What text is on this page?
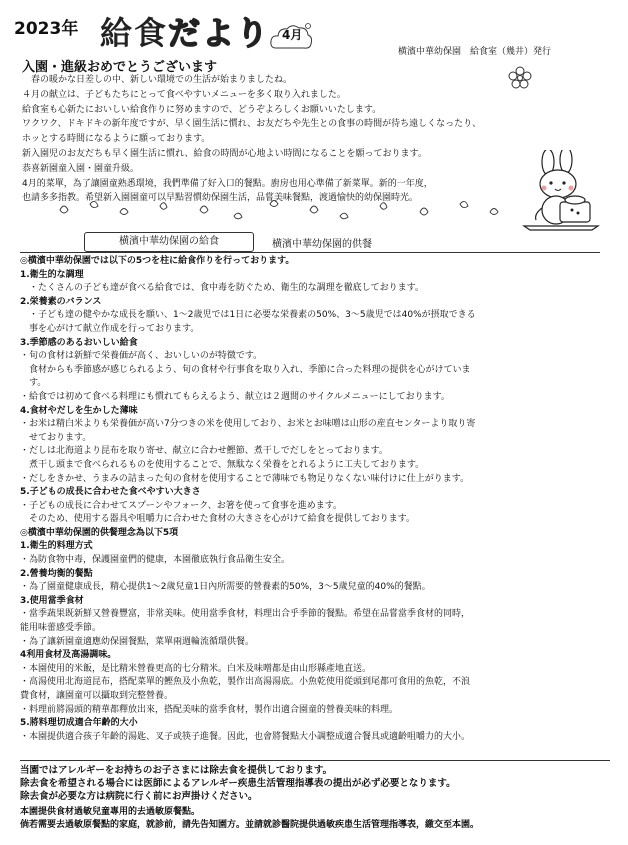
2023年 給食だより 4月
横濱中華幼保園　給食室（幾井）発行
入園・進級おめでとうございます

　春の暖かな日差しの中、新しい環境での生活が始まりましたね。

４月の献立は、子どもたちにとって食べやすいメニューを多く取り入れました。

給食室も心新たにおいしい給食作りに努めますので、どうぞよろしくお願いいたします。

ワクワク、ドキドキの新年度ですが、早く園生活に慣れ、お友だちや先生との食事の時間が待ち遠しくなったり、

ホッとする時間になるように願っております。

新入園児のお友だちも早く園生活に慣れ、給食の時間が心地よい時間になることを願っております。

恭喜新園童入園・園童升級。

4月的菜單，為了讓園童熟悉環境，我們準備了好入口的餐點。廚房也用心準備了新菜單。新的一年度，

也請多多指教。希望新入園園童可以早點習慣幼保園生活，品嘗美味餐點，渡過愉快的幼保園時光。

横濱中華幼保園の給食	横濱中華幼保園的供餐

◎横濱中華幼保園では以下の5つを柱に給食作りを行っております。

1.衛生的な調理

　・たくさんの子ども達が食べる給食では、食中毒を防ぐため、衛生的な調理を徹底しております。

2.栄養素のバランス

　・子ども達の健やかな成長を願い、1～2歳児では1日に必要な栄養素の50%、3～5歳児では40%が摂取できる

　事を心がけて献立作成を行っております。

3.季節感のあるおいしい給食

・旬の食材は新鮮で栄養価が高く、おいしいのが特徴です。

　食材からも季節感が感じられるよう、旬の食材や行事食を取り入れ、季節に合った料理の提供を心がけていま

　す。

・給食では初めて食べる料理にも慣れてもらえるよう、献立は２週間のサイクルメニューにしております。

4.食材やだしを生かした薄味

・お米は精白米よりも栄養価が高い7分つきの米を使用しており、お米とお味噌は山形の産直センターより取り寄

　せております。

・だしは北海道より昆布を取り寄せ、献立に合わせ鰹節、煮干しでだしをとっております。

　煮干し頭まで食べられるものを使用することで、無駄なく栄養をとれるように工夫しております。

・だしをきかせ、うまみの詰まった旬の食材を使用することで薄味でも物足りなくない味付けに仕上がります。

5.子どもの成長に合わせた食べやすい大きさ

・子どもの成長に合わせてスプーンやフォーク、お箸を使って食事を進めます。

　そのため、使用する器具や咀嚼力に合わせた食材の大きさを心がけて給食を提供しております。

◎横濱中華幼保園的供餐理念為以下5項

1.衛生的料理方式

・為防食物中毒，保護園童們的健康，本園徹底執行食品衛生安全。

2.營養均衡的餐點

・為了園童健康成長，精心提供1～2歲兒童1日內所需要的營養素的50%，3～5歲兒童的40%的餐點。

3.使用當季食材

・當季蔬果既新鮮又營養豐富，非常美味。使用當季食材，料理出合乎季節的餐點。希望在品嘗當季食材的同時，

能用味蕾感受季節。

・為了讓新園童適應幼保園餐點，菜單兩週輪流循環供餐。

4利用食材及高湯調味。

・本園使用的米飯，是比精米營養更高的七分精米。白米及味噌都是由山形縣產地直送。

・高湯使用北海道昆布，搭配菜單的鰹魚及小魚乾，製作出高湯湯底。小魚乾使用從頭到尾都可食用的魚乾，不浪

費食材，讓園童可以攝取到完整營養。

・料理前將湯頭的精華都釋放出來，搭配美味的當季食材，製作出適合園童的營養美味的料理。

5.將料理切成適合年齡的大小

・本園提供適合孩子年齡的湯匙、叉子或筷子進餐。因此，也會將餐點大小調整成適合餐具或適齡咀嚼力的大小。

当園ではアレルギーをお持ちのお子さまには除去食を提供しております。

除去食を希望される場合には医師によるアレルギー疾患生活管理指導表の提出が必ず必要となります。

除去食が必要な方は病院に行く前にお声掛けください。

本園提供食材過敏兒童專用的去過敏原餐點。

倘若需要去過敏原餐點的家庭，就診前，請先告知園方。並請就診醫院提供過敏疾患生活管理指導表，繳交至本園。
